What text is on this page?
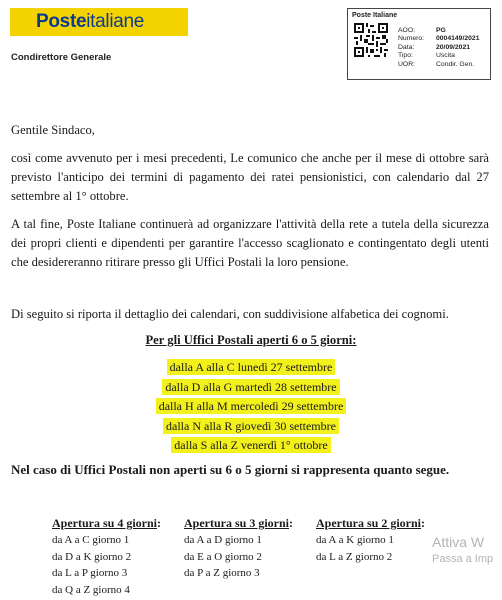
Posteitaliane
Condirettore Generale
Poste Italiane
AOO:	PG
Numero:	0004149/2021
Data:	20/09/2021
Tipo:	Uscita
UOR:	Condir. Gen.
Gentile Sindaco,
così come avvenuto per i mesi precedenti, Le comunico che anche per il mese di ottobre sarà previsto l'anticipo dei termini di pagamento dei ratei pensionistici, con calendario dal 27 settembre al 1° ottobre.
A tal fine, Poste Italiane continuerà ad organizzare l'attività della rete a tutela della sicurezza dei propri clienti e dipendenti per garantire l'accesso scaglionato e contingentato degli utenti che desidereranno ritirare presso gli Uffici Postali la loro pensione.
Di seguito si riporta il dettaglio dei calendari, con suddivisione alfabetica dei cognomi.
Per gli Uffici Postali aperti 6 o 5 giorni:
dalla A alla C lunedì 27 settembre
dalla D alla G martedì 28 settembre
dalla H alla M mercoledì 29 settembre
dalla N alla R giovedì 30 settembre
dalla S alla Z venerdì 1° ottobre
Nel caso di Uffici Postali non aperti su 6 o 5 giorni si rappresenta quanto segue.
Apertura su 4 giorni:
da A a C giorno 1
da D a K giorno 2
da L a P giorno 3
da Q a Z giorno 4
Apertura su 3 giorni:
da A a D giorno 1
da E a O giorno 2
da P a Z giorno 3
Apertura su 2 giorni:
da A a K giorno 1
da L a Z giorno 2
Attiva W
Passa a Imp
